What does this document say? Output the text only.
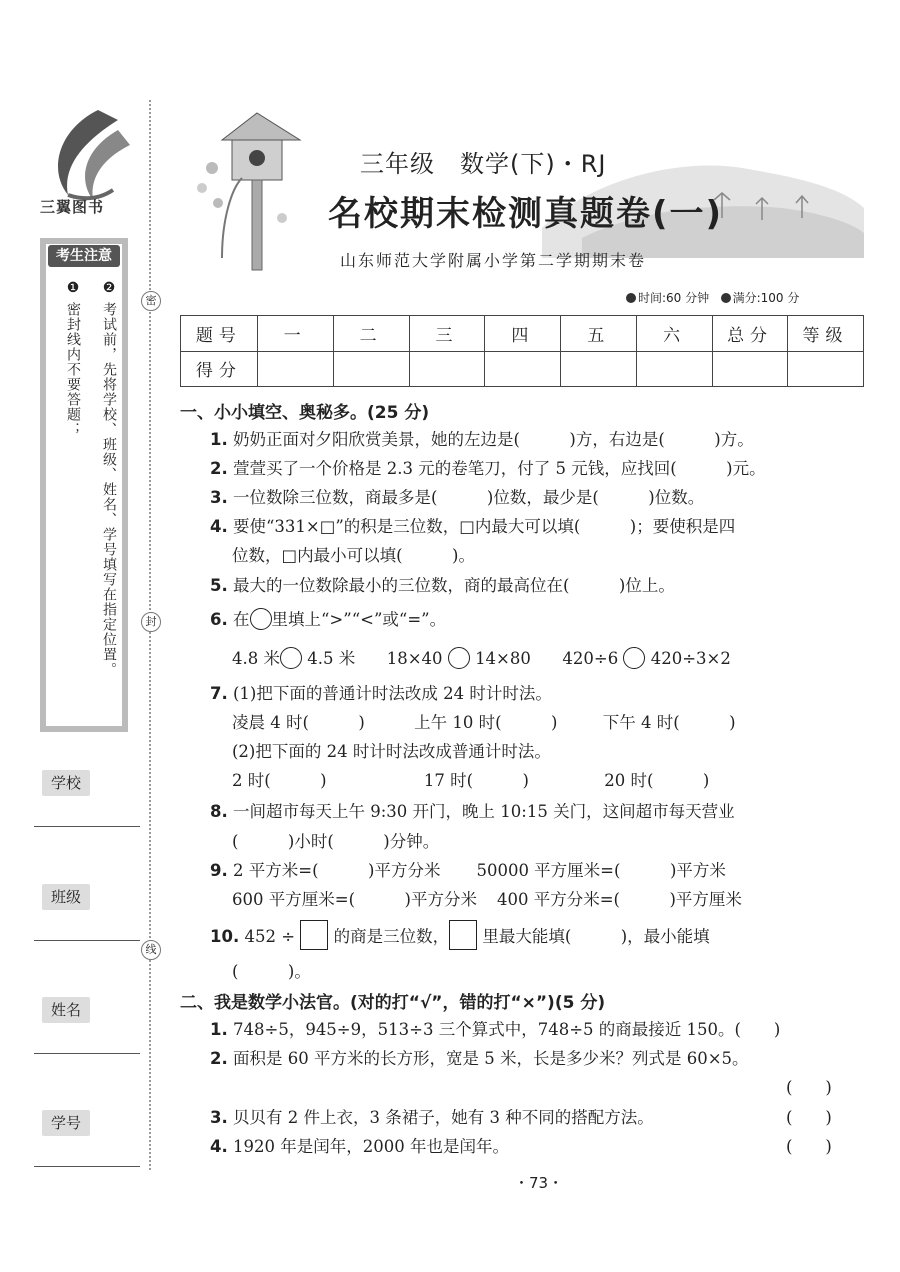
三翼图书
考生注意
❷
考试前，先将学校、班级、姓名、学号填写在指定位置。
❶
密封线内不要答题；
密
封
线
学校
班级
姓名
学号
三年级　数学(下)・RJ
名校期末检测真题卷(一)
山东师范大学附属小学第二学期期末卷
时间:60 分钟 满分:100 分
题号	一	二	三	四	五	六	总分	等级
得分								
一、小小填空、奥秘多。(25 分)
1. 奶奶正面对夕阳欣赏美景，她的左边是(　　　)方，右边是(　　　)方。
2. 萱萱买了一个价格是 2.3 元的卷笔刀，付了 5 元钱，应找回(　　　)元。
3. 一位数除三位数，商最多是(　　　)位数，最少是(　　　)位数。
4. 要使“331×□”的积是三位数，□内最大可以填(　　　)；要使积是四
位数，□内最小可以填(　　　)。
5. 最大的一位数除最小的三位数，商的最高位在(　　　)位上。
6. 在 里填上“>”“<”或“=”。
4.8 米 4.5 米 18×40 14×80 420÷6 420÷3×2
7. (1)把下面的普通计时法改成 24 时计时法。
凌晨 4 时(　　　)	上午 10 时(　　　)	下午 4 时(　　　)
(2)把下面的 24 时计时法改成普通计时法。
2 时(　　　)	17 时(　　　)	20 时(　　　)
8. 一间超市每天上午 9:30 开门，晚上 10:15 关门，这间超市每天营业
(　　　)小时(　　　)分钟。
9. 2 平方米=(　　　)平方分米 50000 平方厘米=(　　　)平方米
600 平方厘米=(　　　)平方分米 400 平方分米=(　　　)平方厘米
10. 452 ÷ 的商是三位数， 里最大能填(　　　)，最小能填
(　　　)。
二、我是数学小法官。(对的打“√”，错的打“×”)(5 分)
1. 748÷5，945÷9，513÷3 三个算式中，748÷5 的商最接近 150。(　　)
2. 面积是 60 平方米的长方形，宽是 5 米，长是多少米？列式是 60×5。
(　　)
3. 贝贝有 2 件上衣，3 条裙子，她有 3 种不同的搭配方法。	(　　)
4. 1920 年是闰年，2000 年也是闰年。	(　　)
・73・
